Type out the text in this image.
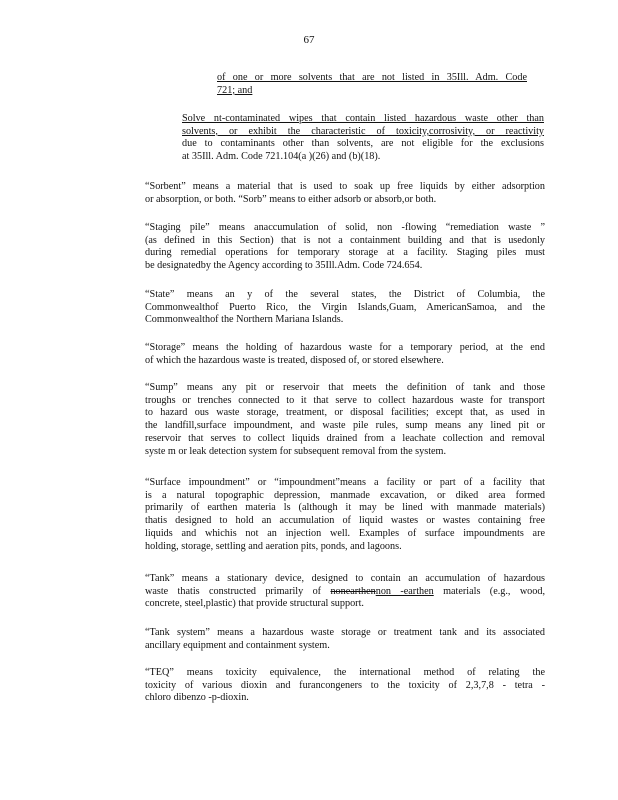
67
of one or more solvents that are not listed in 35Ill. Adm. Code
721; and
Solve nt-contaminated wipes that contain listed hazardous waste other than
solvents, or exhibit the characteristic of toxicity,corrosivity, or reactivity
due to contaminants other than solvents, are not eligible for the exclusions
at 35Ill. Adm. Code 721.104(a )(26) and (b)(18).
“Sorbent” means a material that is used to soak up free liquids by either adsorption
or absorption, or both. “Sorb” means to either adsorb or absorb,or both.
“Staging pile” means anaccumulation of solid, non -flowing “remediation waste ”
(as defined in this Section) that is not a containment building and that is usedonly
during remedial operations for temporary storage at a facility. Staging piles must
be designatedby the Agency according to 35Ill.Adm. Code 724.654.
“State” means an y of the several states, the District of Columbia, the
Commonwealthof Puerto Rico, the Virgin Islands,Guam, AmericanSamoa, and the
Commonwealthof the Northern Mariana Islands.
“Storage” means the holding of hazardous waste for a temporary period, at the end
of which the hazardous waste is treated, disposed of, or stored elsewhere.
“Sump” means any pit or reservoir that meets the definition of tank and those
troughs or trenches connected to it that serve to collect hazardous waste for transport
to hazard ous waste storage, treatment, or disposal facilities; except that, as used in
the landfill,surface impoundment, and waste pile rules, sump means any lined pit or
reservoir that serves to collect liquids drained from a leachate collection and removal
syste m or leak detection system for subsequent removal from the system.
“Surface impoundment” or “impoundment”means a facility or part of a facility that
is a natural topographic depression, manmade excavation, or diked area formed
primarily of earthen materia ls (although it may be lined with manmade materials)
thatis designed to hold an accumulation of liquid wastes or wastes containing free
liquids and whichis not an injection well. Examples of surface impoundments are
holding, storage, settling and aeration pits, ponds, and lagoons.
“Tank” means a stationary device, designed to contain an accumulation of hazardous
waste thatis constructed primarily of nonearthennon -earthen materials (e.g., wood,
concrete, steel,plastic) that provide structural support.
“Tank system” means a hazardous waste storage or treatment tank and its associated
ancillary equipment and containment system.
“TEQ” means toxicity equivalence, the international method of relating the
toxicity of various dioxin and furancongeners to the toxicity of 2,3,7,8 - tetra -
chloro dibenzo -p-dioxin.
